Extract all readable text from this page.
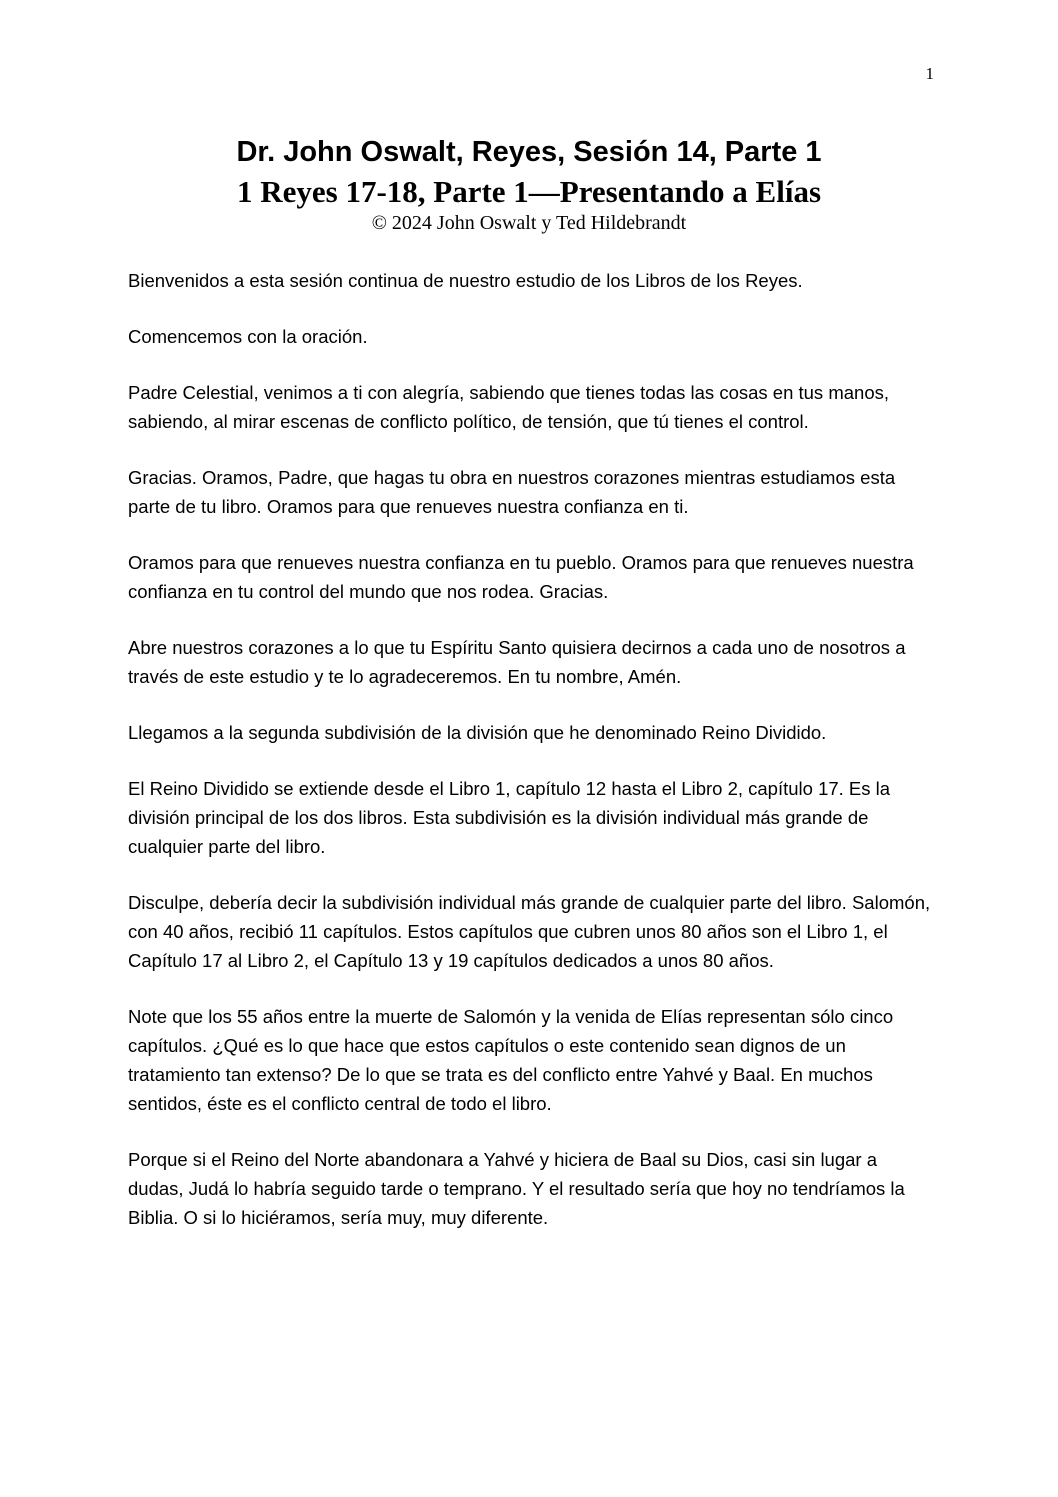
1
Dr. John Oswalt, Reyes, Sesión 14, Parte 1
1 Reyes 17-18, Parte 1—Presentando a Elías
© 2024 John Oswalt y Ted Hildebrandt

Bienvenidos a esta sesión continua de nuestro estudio de los Libros de los Reyes.

Comencemos con la oración.

Padre Celestial, venimos a ti con alegría, sabiendo que tienes todas las cosas en tus manos, sabiendo, al mirar escenas de conflicto político, de tensión, que tú tienes el control.

Gracias. Oramos, Padre, que hagas tu obra en nuestros corazones mientras estudiamos esta parte de tu libro. Oramos para que renueves nuestra confianza en ti.

Oramos para que renueves nuestra confianza en tu pueblo. Oramos para que renueves nuestra confianza en tu control del mundo que nos rodea. Gracias.

Abre nuestros corazones a lo que tu Espíritu Santo quisiera decirnos a cada uno de nosotros a través de este estudio y te lo agradeceremos. En tu nombre, Amén.

Llegamos a la segunda subdivisión de la división que he denominado Reino Dividido.

El Reino Dividido se extiende desde el Libro 1, capítulo 12 hasta el Libro 2, capítulo 17. Es la división principal de los dos libros. Esta subdivisión es la división individual más grande de cualquier parte del libro.

Disculpe, debería decir la subdivisión individual más grande de cualquier parte del libro. Salomón, con 40 años, recibió 11 capítulos. Estos capítulos que cubren unos 80 años son el Libro 1, el Capítulo 17 al Libro 2, el Capítulo 13 y 19 capítulos dedicados a unos 80 años.

Note que los 55 años entre la muerte de Salomón y la venida de Elías representan sólo cinco capítulos. ¿Qué es lo que hace que estos capítulos o este contenido sean dignos de un tratamiento tan extenso? De lo que se trata es del conflicto entre Yahvé y Baal. En muchos sentidos, éste es el conflicto central de todo el libro.

Porque si el Reino del Norte abandonara a Yahvé y hiciera de Baal su Dios, casi sin lugar a dudas, Judá lo habría seguido tarde o temprano. Y el resultado sería que hoy no tendríamos la Biblia. O si lo hiciéramos, sería muy, muy diferente.
